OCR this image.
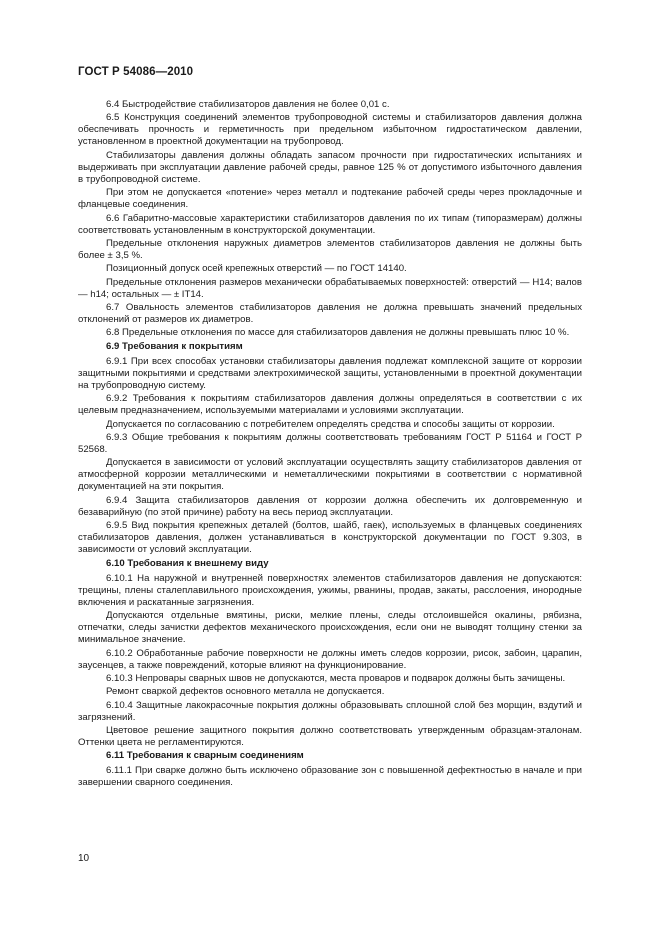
ГОСТ Р 54086—2010

6.4 Быстродействие стабилизаторов давления не более 0,01 с.

6.5 Конструкция соединений элементов трубопроводной системы и стабилизаторов давления должна обеспечивать прочность и герметичность при предельном избыточном гидростатическом давлении, установленном в проектной документации на трубопровод.

Стабилизаторы давления должны обладать запасом прочности при гидростатических испытаниях и выдерживать при эксплуатации давление рабочей среды, равное 125 % от допустимого избыточного давления в трубопроводной системе.

При этом не допускается «потение» через металл и подтекание рабочей среды через прокладочные и фланцевые соединения.

6.6 Габаритно-массовые характеристики стабилизаторов давления по их типам (типоразмерам) должны соответствовать установленным в конструкторской документации.

Предельные отклонения наружных диаметров элементов стабилизаторов давления не должны быть более ± 3,5 %.

Позиционный допуск осей крепежных отверстий — по ГОСТ 14140.

Предельные отклонения размеров механически обрабатываемых поверхностей: отверстий — Н14; валов — h14; остальных — ± IT14.

6.7 Овальность элементов стабилизаторов давления не должна превышать значений предельных отклонений от размеров их диаметров.

6.8 Предельные отклонения по массе для стабилизаторов давления не должны превышать плюс 10 %.

6.9 Требования к покрытиям

6.9.1 При всех способах установки стабилизаторы давления подлежат комплексной защите от коррозии защитными покрытиями и средствами электрохимической защиты, установленными в проектной документации на трубопроводную систему.

6.9.2 Требования к покрытиям стабилизаторов давления должны определяться в соответствии с их целевым предназначением, используемыми материалами и условиями эксплуатации.

Допускается по согласованию с потребителем определять средства и способы защиты от коррозии.

6.9.3 Общие требования к покрытиям должны соответствовать требованиям ГОСТ Р 51164 и ГОСТ Р 52568.

Допускается в зависимости от условий эксплуатации осуществлять защиту стабилизаторов давления от атмосферной коррозии металлическими и неметаллическими покрытиями в соответствии с нормативной документацией на эти покрытия.

6.9.4 Защита стабилизаторов давления от коррозии должна обеспечить их долговременную и безаварийную (по этой причине) работу на весь период эксплуатации.

6.9.5 Вид покрытия крепежных деталей (болтов, шайб, гаек), используемых в фланцевых соединениях стабилизаторов давления, должен устанавливаться в конструкторской документации по ГОСТ 9.303, в зависимости от условий эксплуатации.

6.10 Требования к внешнему виду

6.10.1 На наружной и внутренней поверхностях элементов стабилизаторов давления не допускаются: трещины, плены сталеплавильного происхождения, ужимы, рванины, продав, закаты, расслоения, инородные включения и раскатанные загрязнения.

Допускаются отдельные вмятины, риски, мелкие плены, следы отслоившейся окалины, рябизна, отпечатки, следы зачистки дефектов механического происхождения, если они не выводят толщину стенки за минимальное значение.

6.10.2 Обработанные рабочие поверхности не должны иметь следов коррозии, рисок, забоин, царапин, заусенцев, а также повреждений, которые влияют на функционирование.

6.10.3 Непровары сварных швов не допускаются, места проваров и подварок должны быть зачищены.

Ремонт сваркой дефектов основного металла не допускается.

6.10.4 Защитные лакокрасочные покрытия должны образовывать сплошной слой без морщин, вздутий и загрязнений.

Цветовое решение защитного покрытия должно соответствовать утвержденным образцам-эталонам. Оттенки цвета не регламентируются.

6.11 Требования к сварным соединениям

6.11.1 При сварке должно быть исключено образование зон с повышенной дефектностью в начале и при завершении сварного соединения.

10
